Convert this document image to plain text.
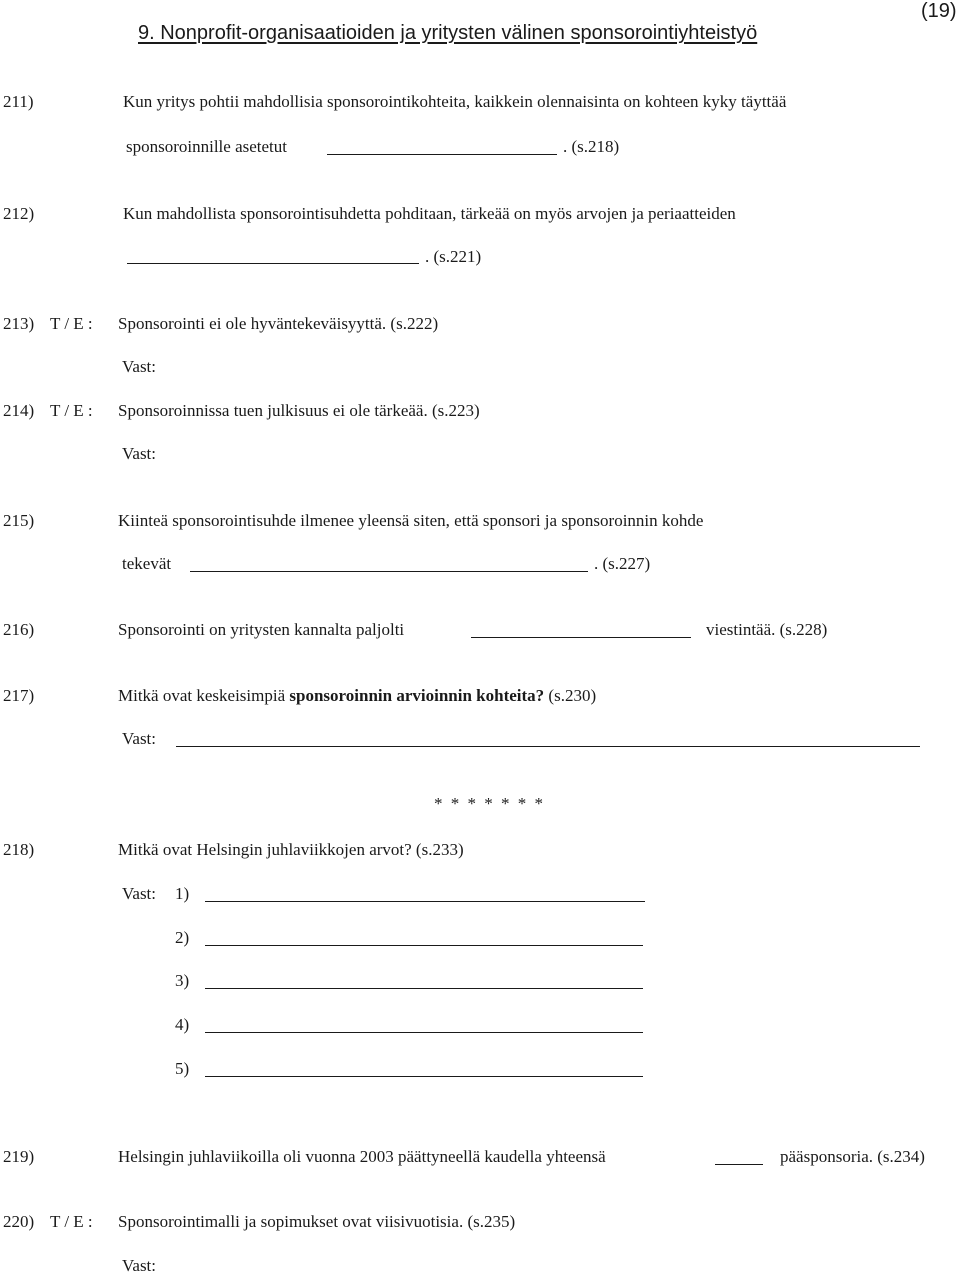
(19)
9. Nonprofit-organisaatioiden ja yritysten välinen sponsorointiyhteistyö
211)	Kun yritys pohtii mahdollisia sponsorointikohteita, kaikkein olennaisinta on kohteen kyky täyttää
sponsoroinnille asetetut	. (s.218)
212)	Kun mahdollista sponsorointisuhdetta pohditaan, tärkeää on myös arvojen ja periaatteiden
. (s.221)
213) T / E : Sponsorointi ei ole hyväntekeväisyyttä. (s.222)
Vast:
214) T / E : Sponsoroinnissa tuen julkisuus ei ole tärkeää. (s.223)
Vast:
215)	Kiinteä sponsorointisuhde ilmenee yleensä siten, että sponsori ja sponsoroinnin kohde
tekevät	. (s.227)
216)	Sponsorointi on yritysten kannalta paljolti	viestintää. (s.228)
217)	Mitkä ovat keskeisimpiä sponsoroinnin arvioinnin kohteita? (s.230)
Vast:
* * * * * * *
218)	Mitkä ovat Helsingin juhlaviikkojen arvot? (s.233)
Vast: 1)
2)
3)
4)
5)
219)	Helsingin juhlaviikoilla oli vuonna 2003 päättyneellä kaudella yhteensä	pääsponsoria. (s.234)
220) T / E : Sponsorointimalli ja sopimukset ovat viisivuotisia. (s.235)
Vast:
